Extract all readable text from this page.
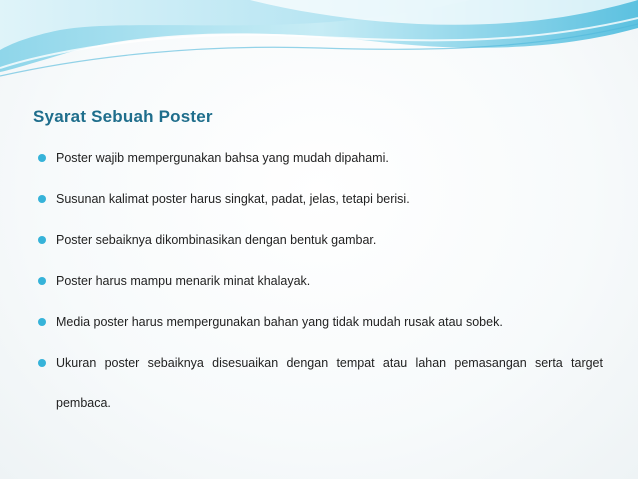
Syarat Sebuah Poster
Poster wajib mempergunakan bahsa yang mudah dipahami.
Susunan kalimat poster harus singkat, padat, jelas, tetapi berisi.
Poster sebaiknya dikombinasikan dengan bentuk gambar.
Poster harus mampu menarik minat khalayak.
Media poster harus mempergunakan bahan yang tidak mudah rusak atau sobek.
Ukuran poster sebaiknya disesuaikan dengan tempat atau lahan pemasangan serta target pembaca.
